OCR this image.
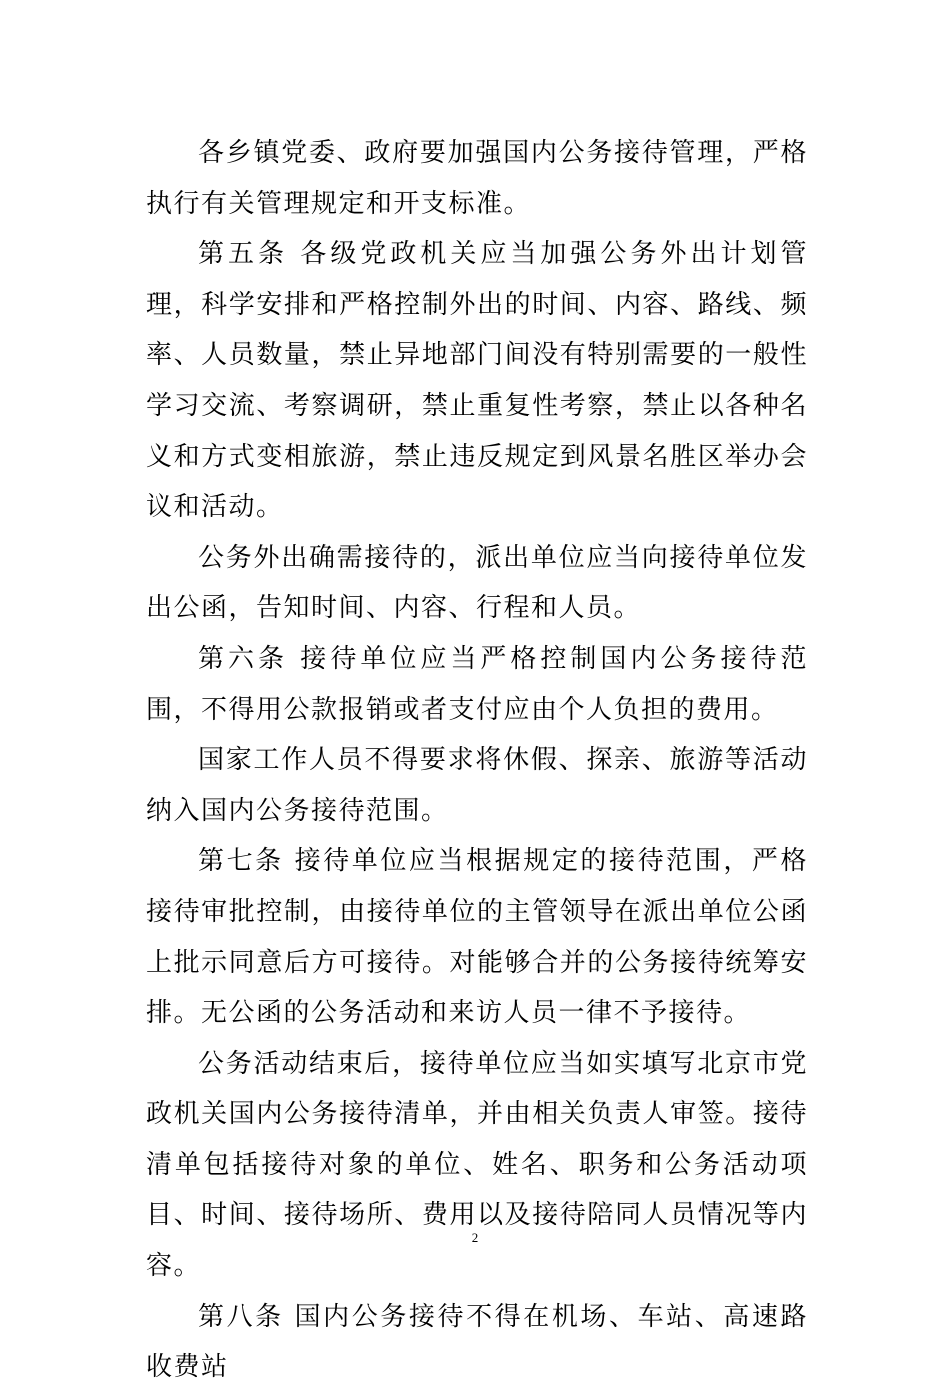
各乡镇党委、政府要加强国内公务接待管理，严格执行有关管理规定和开支标准。

第五条 各级党政机关应当加强公务外出计划管理，科学安排和严格控制外出的时间、内容、路线、频率、人员数量，禁止异地部门间没有特别需要的一般性学习交流、考察调研，禁止重复性考察，禁止以各种名义和方式变相旅游，禁止违反规定到风景名胜区举办会议和活动。

公务外出确需接待的，派出单位应当向接待单位发出公函，告知时间、内容、行程和人员。

第六条 接待单位应当严格控制国内公务接待范围，不得用公款报销或者支付应由个人负担的费用。

国家工作人员不得要求将休假、探亲、旅游等活动纳入国内公务接待范围。

第七条 接待单位应当根据规定的接待范围，严格接待审批控制，由接待单位的主管领导在派出单位公函上批示同意后方可接待。对能够合并的公务接待统筹安排。无公函的公务活动和来访人员一律不予接待。

公务活动结束后，接待单位应当如实填写北京市党政机关国内公务接待清单，并由相关负责人审签。接待清单包括接待对象的单位、姓名、职务和公务活动项目、时间、接待场所、费用以及接待陪同人员情况等内容。

第八条 国内公务接待不得在机场、车站、高速路收费站

2
